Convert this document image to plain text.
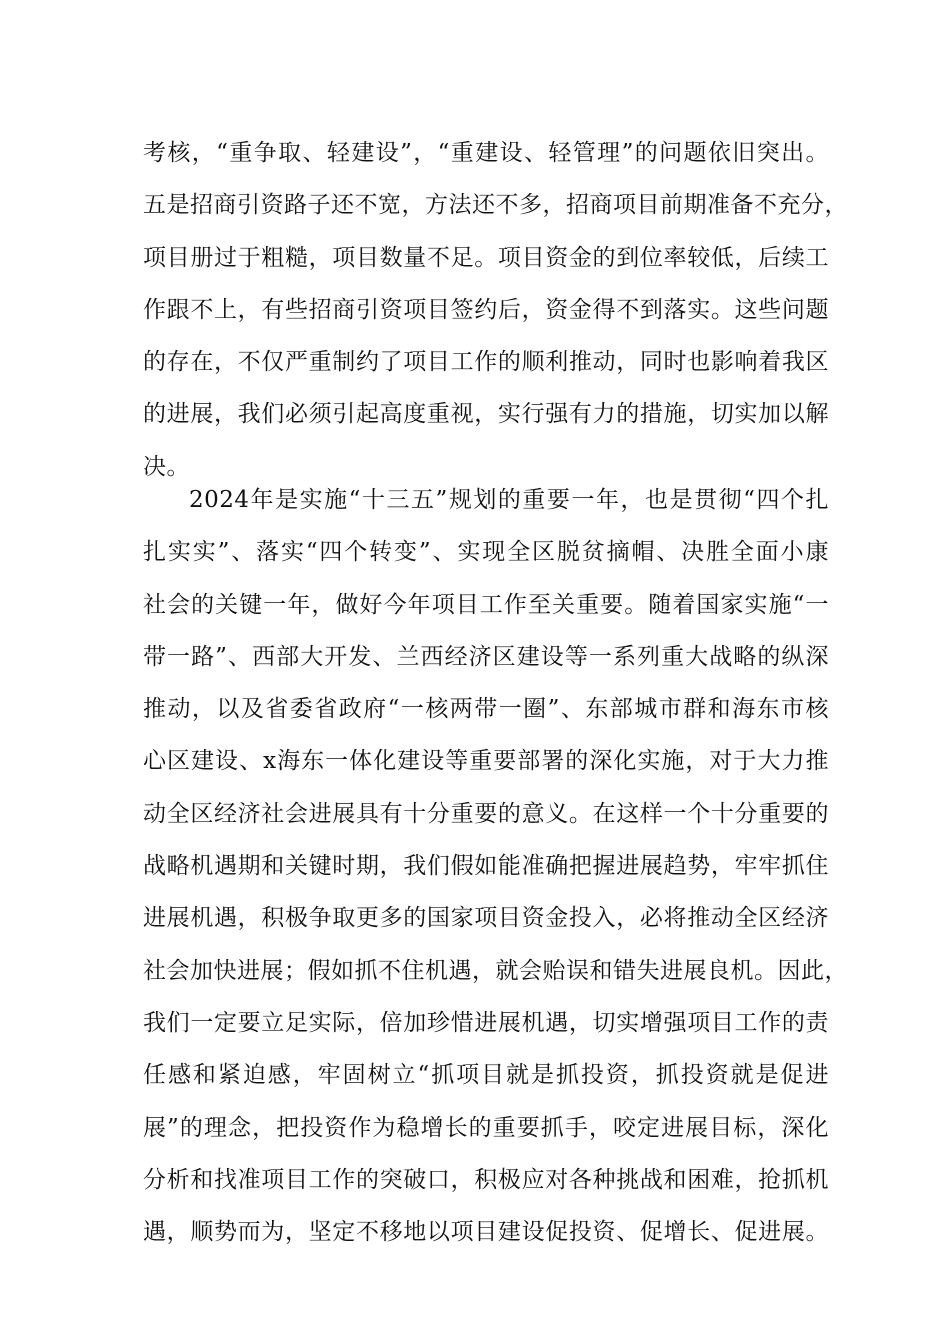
考核，“重争取、轻建设”，“重建设、轻管理”的问题依旧突出。
五是招商引资路子还不宽，方法还不多，招商项目前期准备不充分，
项目册过于粗糙，项目数量不足。项目资金的到位率较低，后续工
作跟不上，有些招商引资项目签约后，资金得不到落实。这些问题
的存在，不仅严重制约了项目工作的顺利推动，同时也影响着我区
的进展，我们必须引起高度重视，实行强有力的措施，切实加以解
决。
2024年是实施“十三五”规划的重要一年，也是贯彻“四个扎
扎实实”、落实“四个转变”、实现全区脱贫摘帽、决胜全面小康
社会的关键一年，做好今年项目工作至关重要。随着国家实施“一
带一路”、西部大开发、兰西经济区建设等一系列重大战略的纵深
推动，以及省委省政府“一核两带一圈”、东部城市群和海东市核
心区建设、x海东一体化建设等重要部署的深化实施，对于大力推
动全区经济社会进展具有十分重要的意义。在这样一个十分重要的
战略机遇期和关键时期，我们假如能准确把握进展趋势，牢牢抓住
进展机遇，积极争取更多的国家项目资金投入，必将推动全区经济
社会加快进展；假如抓不住机遇，就会贻误和错失进展良机。因此，
我们一定要立足实际，倍加珍惜进展机遇，切实增强项目工作的责
任感和紧迫感，牢固树立“抓项目就是抓投资，抓投资就是促进
展”的理念，把投资作为稳增长的重要抓手，咬定进展目标，深化
分析和找准项目工作的突破口，积极应对各种挑战和困难，抢抓机
遇，顺势而为，坚定不移地以项目建设促投资、促增长、促进展。
